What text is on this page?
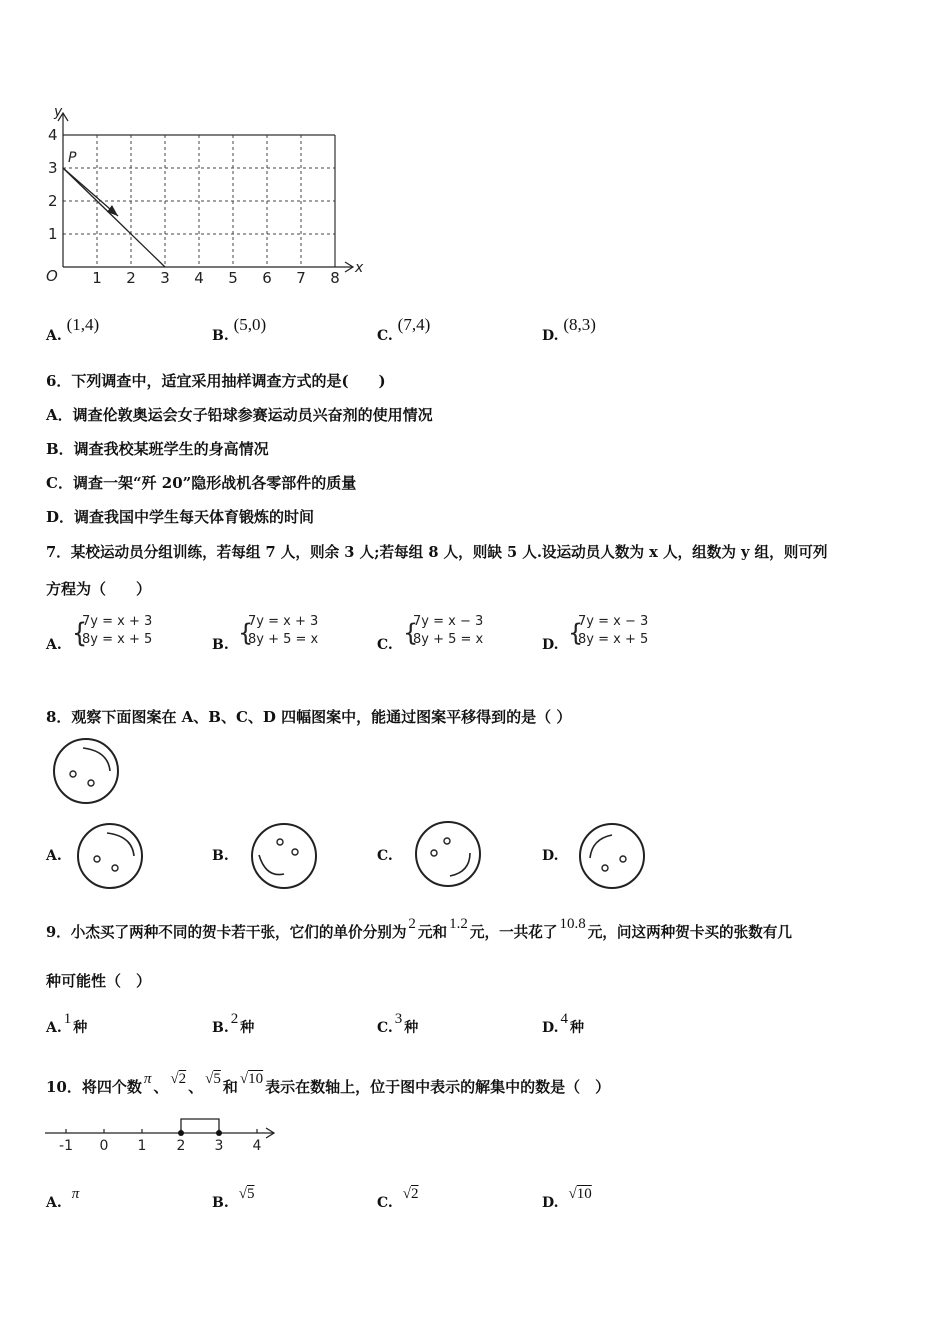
y
x
O
P
4
3
2
1
1 2 3 4 5 6 7 8
A. (1,4)
B. (5,0)
C. (7,4)
D. (8,3)
6．下列调查中，适宜采用抽样调查方式的是(　　)
A．调查伦敦奥运会女子铅球参赛运动员兴奋剂的使用情况
B．调查我校某班学生的身高情况
C．调查一架“歼 20”隐形战机各零部件的质量
D．调查我国中学生每天体育锻炼的时间
7．某校运动员分组训练，若每组 7 人，则余 3 人;若每组 8 人，则缺 5 人.设运动员人数为 x 人，组数为 y 组，则可列
方程为（　　）
A. {
7y = x + 3
8y = x + 5	B. {
7y = x + 3
8y + 5 = x	C. {
7y = x − 3
8y + 5 = x	D. {
7y = x − 3
8y = x + 5
8．观察下面图案在 A、B、C、D 四幅图案中，能通过图案平移得到的是（ ）
A.	B.	C.	D.
9．小杰买了两种不同的贺卡若干张，它们的单价分别为 2 元和 1.2 元，一共花了 10.8 元，问这两种贺卡买的张数有几
种可能性（　）
A.1种	B.2种	C.3种	D.4种
10．将四个数 π 、 √2 、 √5 和 √10 表示在数轴上，位于图中表示的解集中的数是（　）
-1 0 1 2 3 4
A.π
B.√5
C.√2
D.√10
